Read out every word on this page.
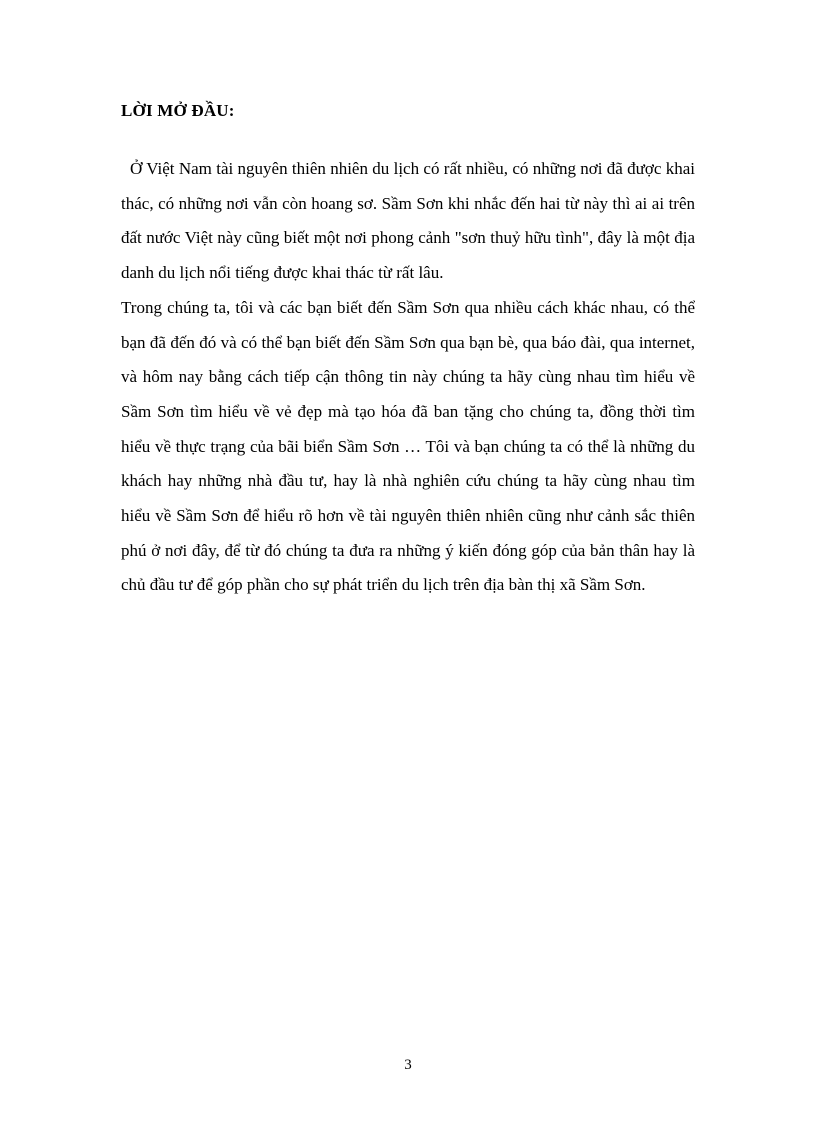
LỜI MỞ ĐẦU:

Ở Việt Nam tài nguyên thiên nhiên du lịch có rất nhiều, có những nơi đã được khai thác, có những nơi vẫn còn hoang sơ. Sầm Sơn khi nhắc đến hai từ này thì ai ai trên đất nước Việt này cũng biết một nơi phong cảnh "sơn thuỷ hữu tình", đây là một địa danh du lịch nổi tiếng được khai thác từ rất lâu.

Trong chúng ta, tôi và các bạn biết đến Sầm Sơn qua nhiều cách khác nhau, có thể bạn đã đến đó và có thể bạn biết đến Sầm Sơn qua bạn bè, qua báo đài, qua internet, và hôm nay bằng cách tiếp cận thông tin này chúng ta hãy cùng nhau tìm hiểu về Sầm Sơn tìm hiểu về vẻ đẹp mà tạo hóa đã ban tặng cho chúng ta, đồng thời tìm hiểu về thực trạng của bãi biển Sầm Sơn … Tôi và bạn chúng ta có thể là những du khách hay những nhà đầu tư, hay là nhà nghiên cứu chúng ta hãy cùng nhau tìm hiểu về Sầm Sơn để hiểu rõ hơn về tài nguyên thiên nhiên cũng như cảnh sắc thiên phú ở nơi đây, để từ đó chúng ta đưa ra những ý kiến đóng góp của bản thân hay là chủ đầu tư để góp phần cho sự phát triển du lịch trên địa bàn thị xã Sầm Sơn.

3
